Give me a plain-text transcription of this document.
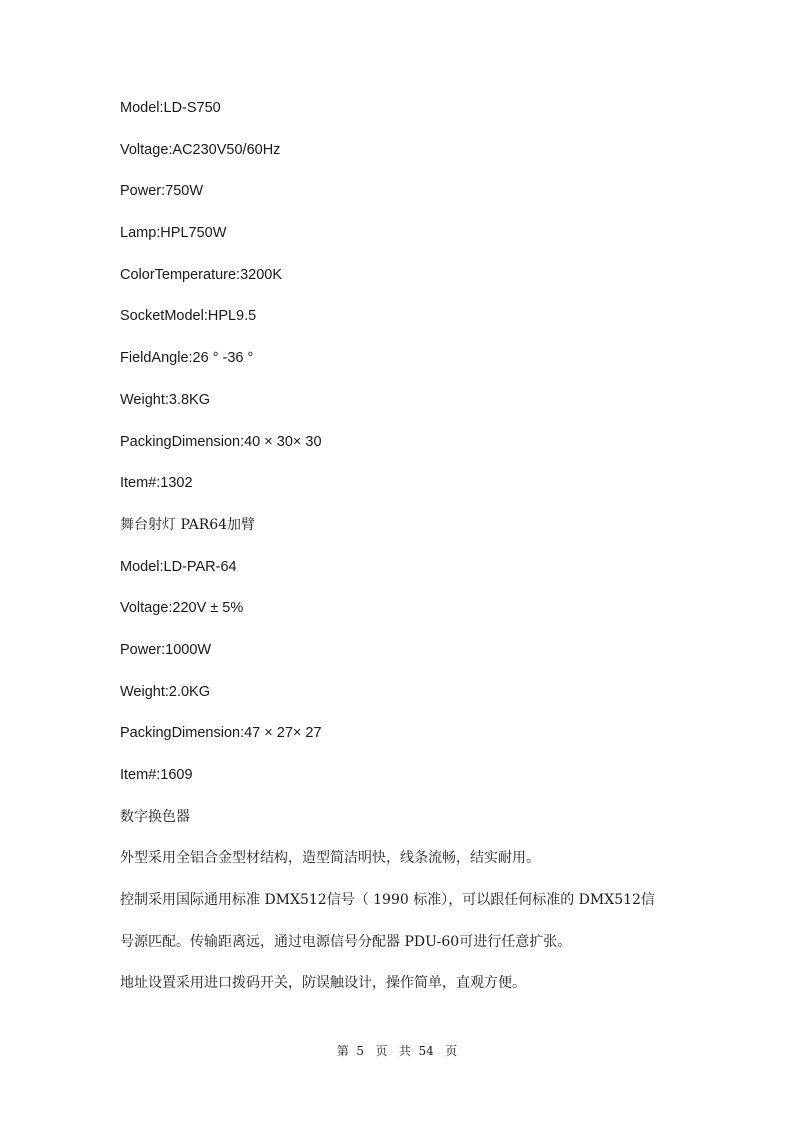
Model:LD-S750
Voltage:AC230V50/60Hz
Power:750W
Lamp:HPL750W
ColorTemperature:3200K
SocketModel:HPL9.5
FieldAngle:26 ° -36 °
Weight:3.8KG
PackingDimension:40 × 30× 30
Item#:1302
舞台射灯 PAR64加臂
Model:LD-PAR-64
Voltage:220V ± 5%
Power:1000W
Weight:2.0KG
PackingDimension:47 × 27× 27
Item#:1609
数字换色器
外型采用全铝合金型材结构，造型简洁明快，线条流畅，结实耐用。
控制采用国际通用标准 DMX512信号（ 1990 标准），可以跟任何标准的 DMX512信
号源匹配。传输距离远，通过电源信号分配器 PDU-60可进行任意扩张。
地址设置采用进口拨码开关，防误触设计，操作简单，直观方便。
第  5   页   共  54   页
